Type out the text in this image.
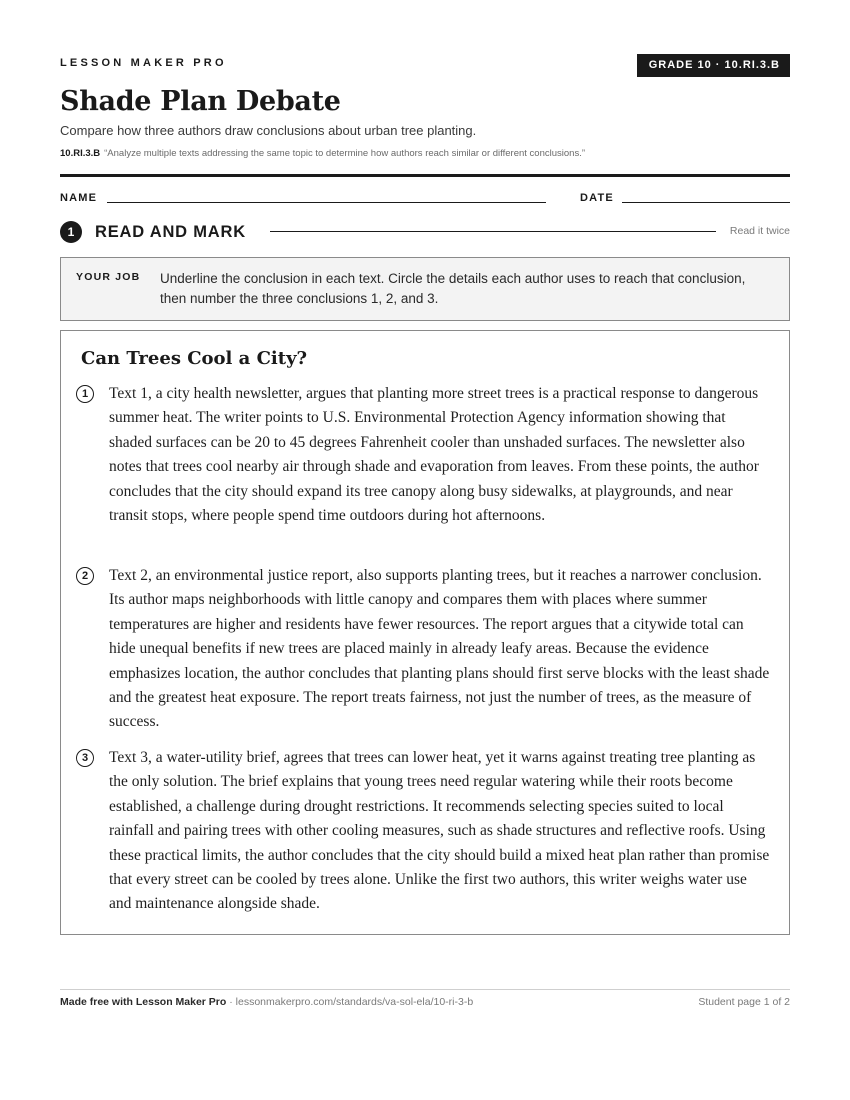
LESSON MAKER PRO	GRADE 10 · 10.RI.3.B
Shade Plan Debate
Compare how three authors draw conclusions about urban tree planting.
10.RI.3.B “Analyze multiple texts addressing the same topic to determine how authors reach similar or different conclusions.”
NAME	DATE
1	READ AND MARK	Read it twice
YOUR JOB Underline the conclusion in each text. Circle the details each author uses to reach that conclusion, then number the three conclusions 1, 2, and 3.
Can Trees Cool a City?
1	Text 1, a city health newsletter, argues that planting more street trees is a practical response to dangerous summer heat. The writer points to U.S. Environmental Protection Agency information showing that shaded surfaces can be 20 to 45 degrees Fahrenheit cooler than unshaded surfaces. The newsletter also notes that trees cool nearby air through shade and evaporation from leaves. From these points, the author concludes that the city should expand its tree canopy along busy sidewalks, at playgrounds, and near transit stops, where people spend time outdoors during hot afternoons.

2	Text 2, an environmental justice report, also supports planting trees, but it reaches a narrower conclusion. Its author maps neighborhoods with little canopy and compares them with places where summer temperatures are higher and residents have fewer resources. The report argues that a citywide total can hide unequal benefits if new trees are placed mainly in already leafy areas. Because the evidence emphasizes location, the author concludes that planting plans should first serve blocks with the least shade and the greatest heat exposure. The report treats fairness, not just the number of trees, as the measure of success.

3	Text 3, a water-utility brief, agrees that trees can lower heat, yet it warns against treating tree planting as the only solution. The brief explains that young trees need regular watering while their roots become established, a challenge during drought restrictions. It recommends selecting species suited to local rainfall and pairing trees with other cooling measures, such as shade structures and reflective roofs. Using these practical limits, the author concludes that the city should build a mixed heat plan rather than promise that every street can be cooled by trees alone. Unlike the first two authors, this writer weighs water use and maintenance alongside shade.

Made free with Lesson Maker Pro · lessonmakerpro.com/standards/va-sol-ela/10-ri-3-b	Student page 1 of 2
